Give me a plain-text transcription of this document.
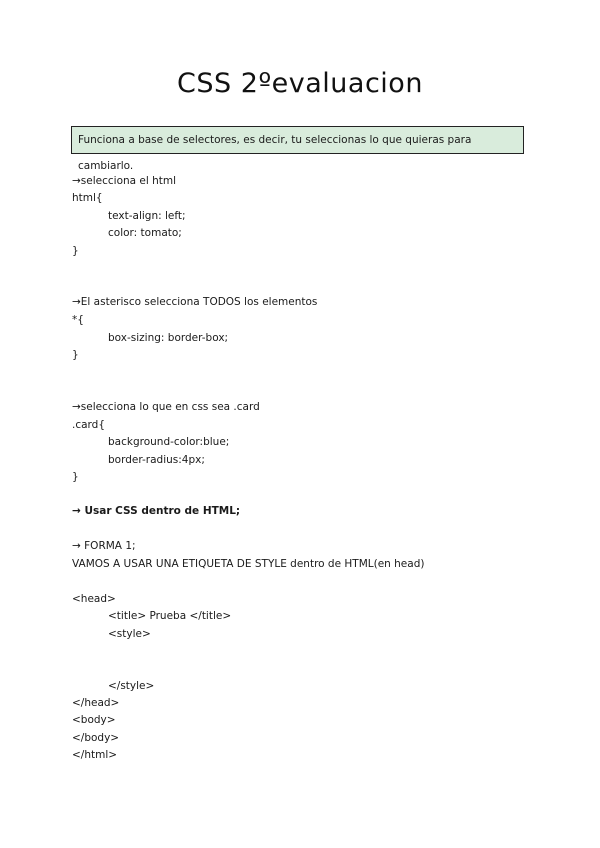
CSS 2ºevaluacion
Funciona a base de selectores, es decir, tu seleccionas lo que quieras para cambiarlo.
→selecciona el html
html{
text-align: left;
color: tomato;
}
→El asterisco selecciona TODOS los elementos
*{
box-sizing: border-box;
}
→selecciona lo que en css sea .card
.card{
background-color:blue;
border-radius:4px;
}
→ Usar CSS dentro de HTML;
→ FORMA 1;
VAMOS A USAR UNA ETIQUETA DE STYLE dentro de HTML(en head)
<head>
<title> Prueba </title>
<style>
</style>
</head>
<body>
</body>
</html>
